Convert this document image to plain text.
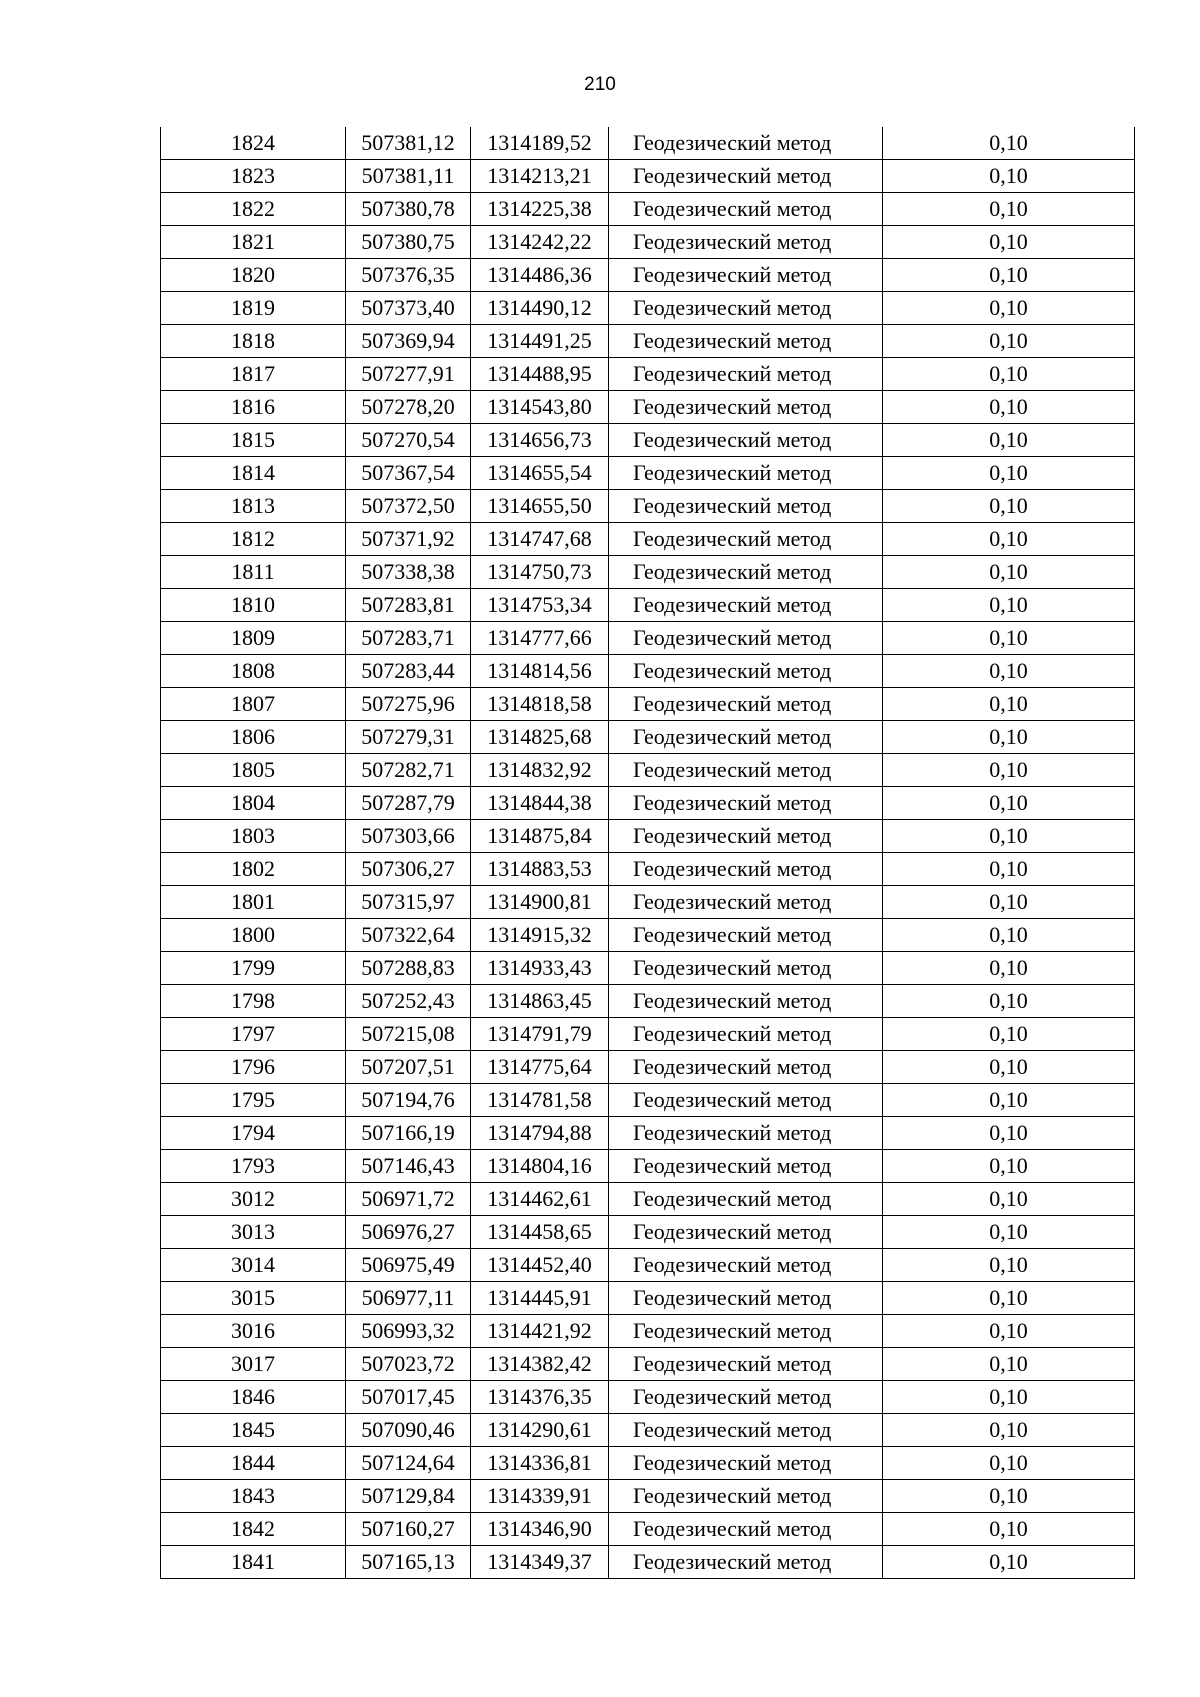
210
1824	507381,12	1314189,52	Геодезический метод	0,10
1823	507381,11	1314213,21	Геодезический метод	0,10
1822	507380,78	1314225,38	Геодезический метод	0,10
1821	507380,75	1314242,22	Геодезический метод	0,10
1820	507376,35	1314486,36	Геодезический метод	0,10
1819	507373,40	1314490,12	Геодезический метод	0,10
1818	507369,94	1314491,25	Геодезический метод	0,10
1817	507277,91	1314488,95	Геодезический метод	0,10
1816	507278,20	1314543,80	Геодезический метод	0,10
1815	507270,54	1314656,73	Геодезический метод	0,10
1814	507367,54	1314655,54	Геодезический метод	0,10
1813	507372,50	1314655,50	Геодезический метод	0,10
1812	507371,92	1314747,68	Геодезический метод	0,10
1811	507338,38	1314750,73	Геодезический метод	0,10
1810	507283,81	1314753,34	Геодезический метод	0,10
1809	507283,71	1314777,66	Геодезический метод	0,10
1808	507283,44	1314814,56	Геодезический метод	0,10
1807	507275,96	1314818,58	Геодезический метод	0,10
1806	507279,31	1314825,68	Геодезический метод	0,10
1805	507282,71	1314832,92	Геодезический метод	0,10
1804	507287,79	1314844,38	Геодезический метод	0,10
1803	507303,66	1314875,84	Геодезический метод	0,10
1802	507306,27	1314883,53	Геодезический метод	0,10
1801	507315,97	1314900,81	Геодезический метод	0,10
1800	507322,64	1314915,32	Геодезический метод	0,10
1799	507288,83	1314933,43	Геодезический метод	0,10
1798	507252,43	1314863,45	Геодезический метод	0,10
1797	507215,08	1314791,79	Геодезический метод	0,10
1796	507207,51	1314775,64	Геодезический метод	0,10
1795	507194,76	1314781,58	Геодезический метод	0,10
1794	507166,19	1314794,88	Геодезический метод	0,10
1793	507146,43	1314804,16	Геодезический метод	0,10
3012	506971,72	1314462,61	Геодезический метод	0,10
3013	506976,27	1314458,65	Геодезический метод	0,10
3014	506975,49	1314452,40	Геодезический метод	0,10
3015	506977,11	1314445,91	Геодезический метод	0,10
3016	506993,32	1314421,92	Геодезический метод	0,10
3017	507023,72	1314382,42	Геодезический метод	0,10
1846	507017,45	1314376,35	Геодезический метод	0,10
1845	507090,46	1314290,61	Геодезический метод	0,10
1844	507124,64	1314336,81	Геодезический метод	0,10
1843	507129,84	1314339,91	Геодезический метод	0,10
1842	507160,27	1314346,90	Геодезический метод	0,10
1841	507165,13	1314349,37	Геодезический метод	0,10
